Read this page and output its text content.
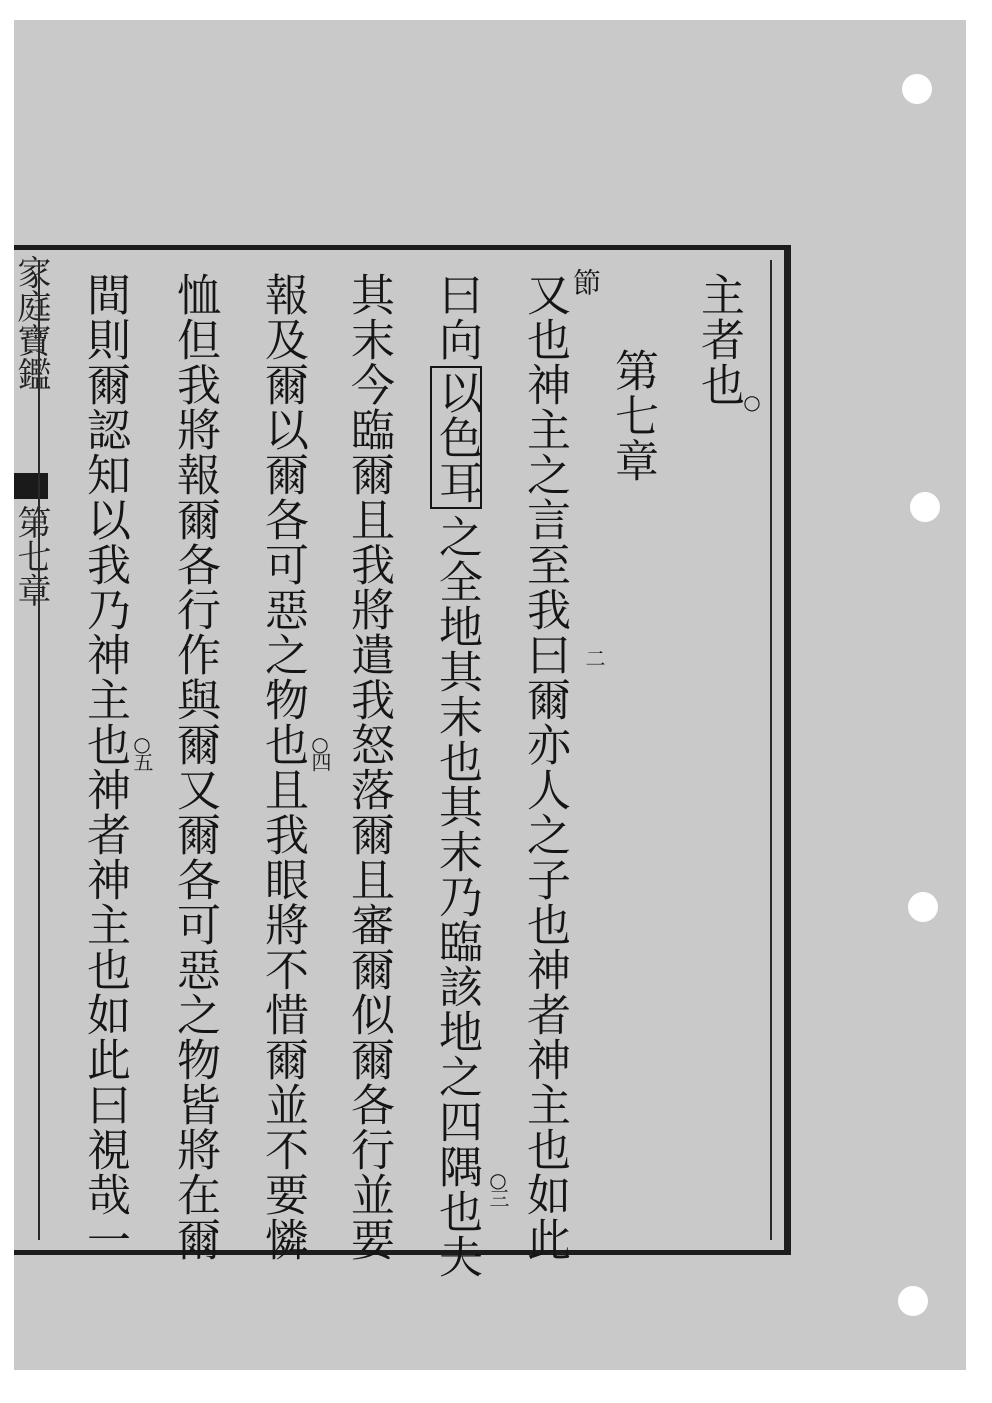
家庭寶鑑
第七章
主者也
○
第七章
節
又也神主之言至我曰爾亦人之子也神者神主也如此 二
曰向
以色耳
之全地其末也其末乃臨該地之四隅也夫 ○
三
其末今臨爾且我將遣我怒落爾且審爾似爾各行並要
○
四
報及爾以爾各可惡之物也且我眼將不惜爾並不要憐
恤但我將報爾各行作與爾又爾各可惡之物皆將在爾
○
五
間則爾認知以我乃神主也神者神主也如此曰視哉一
